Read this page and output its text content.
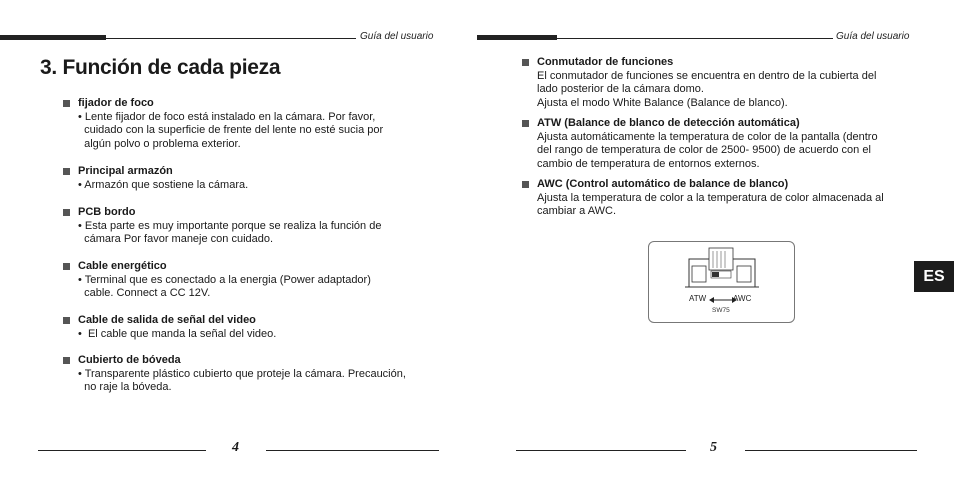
Guía del usuario
3. Función de cada pieza
fijador de foco
• Lente fijador de foco está instalado en la cámara. Por favor,
cuidado con la superficie de frente del lente no esté sucia por
algún polvo o problema exterior.
Principal armazón
• Armazón que sostiene la cámara.
PCB bordo
• Esta parte es muy importante porque se realiza la función de
cámara Por favor maneje con cuidado.
Cable energético
• Terminal que es conectado a la energia (Power adaptador)
cable. Connect a CC 12V.
Cable de salida de señal del video
•  El cable que manda la señal del video.
Cubierto de bóveda
• Transparente plástico cubierto que proteje la cámara. Precaución,
no raje la bóveda.
4
Guía del usuario
Conmutador de funciones
El conmutador de funciones se encuentra en dentro de la cubierta del
lado posterior de la cámara domo.
Ajusta el modo White Balance (Balance de blanco).
ATW (Balance de blanco de detección automática)
Ajusta automáticamente la temperatura de color de la pantalla (dentro
del rango de temperatura de color de 2500- 9500) de acuerdo con el
cambio de temperatura de entornos externos.
AWC (Control automático de balance de blanco)
Ajusta la temperatura de color a la temperatura de color almacenada al
cambiar a AWC.
ATW	AWC
SW75
5
ES
